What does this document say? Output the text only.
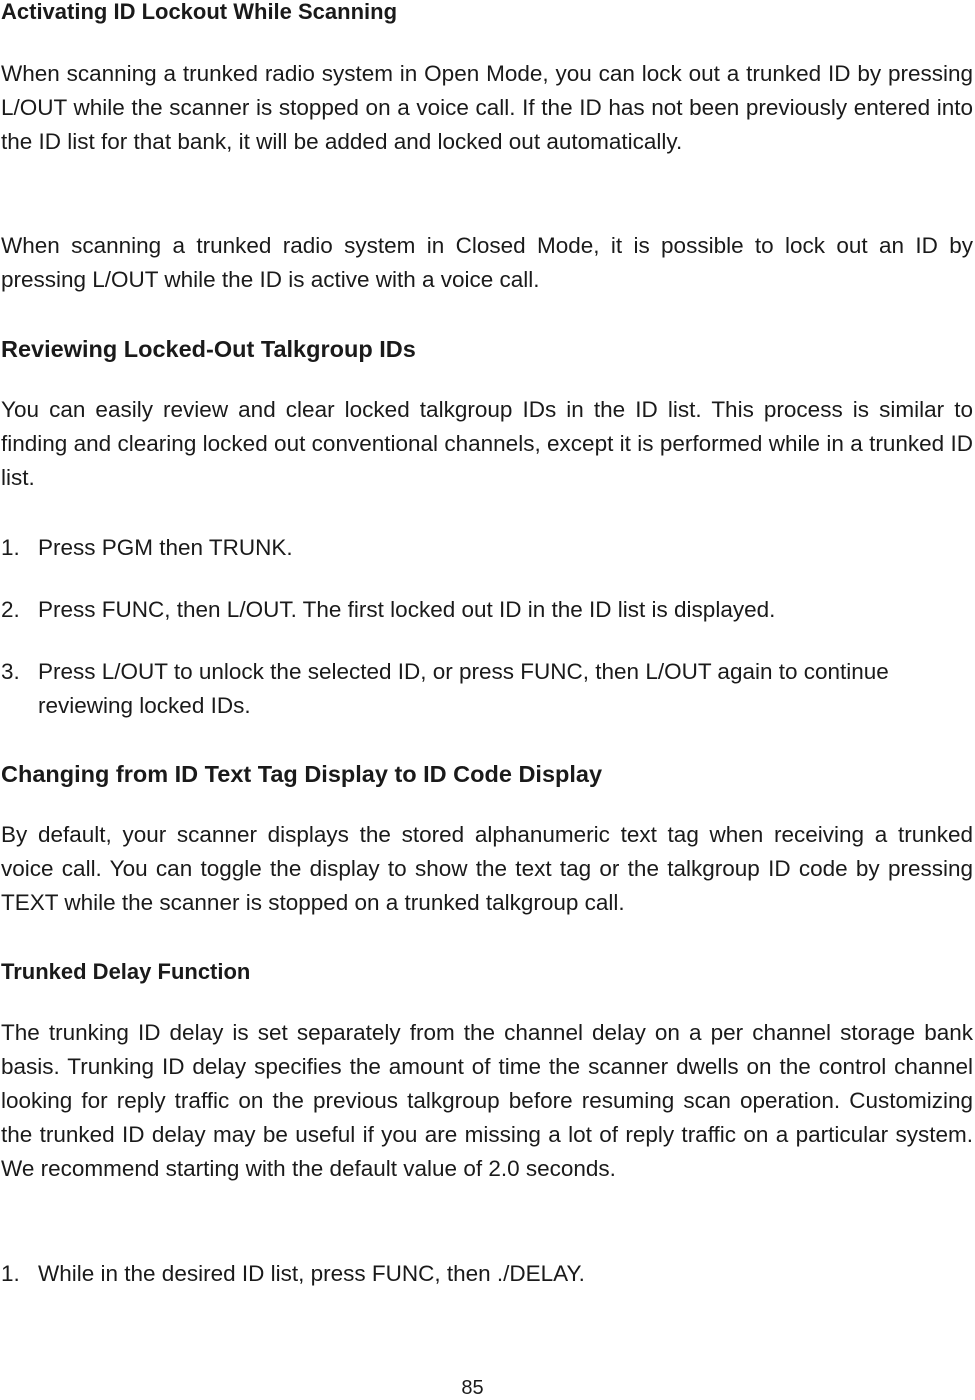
Activating ID Lockout While Scanning

When scanning a trunked radio system in Open Mode, you can lock out a trunked ID by pressing L/OUT while the scanner is stopped on a voice call. If the ID has not been previously entered into the ID list for that bank, it will be added and locked out automatically.

When scanning a trunked radio system in Closed Mode, it is possible to lock out an ID by pressing L/OUT while the ID is active with a voice call.

Reviewing Locked-Out Talkgroup IDs

You can easily review and clear locked talkgroup IDs in the ID list. This process is similar to finding and clearing locked out conventional channels, except it is performed while in a trunked ID list.

1. Press PGM then TRUNK.
2. Press FUNC, then L/OUT. The first locked out ID in the ID list is displayed.
3. Press L/OUT to unlock the selected ID, or press FUNC, then L/OUT again to continue reviewing locked IDs.
Changing from ID Text Tag Display to ID Code Display

By default, your scanner displays the stored alphanumeric text tag when receiving a trunked voice call. You can toggle the display to show the text tag or the talkgroup ID code by pressing TEXT while the scanner is stopped on a trunked talkgroup call.

Trunked Delay Function

The trunking ID delay is set separately from the channel delay on a per channel storage bank basis. Trunking ID delay specifies the amount of time the scanner dwells on the control channel looking for reply traffic on the previous talkgroup before resuming scan operation. Customizing the trunked ID delay may be useful if you are missing a lot of reply traffic on a particular system. We recommend starting with the default value of 2.0 seconds.

1. While in the desired ID list, press FUNC, then ./DELAY.
85
